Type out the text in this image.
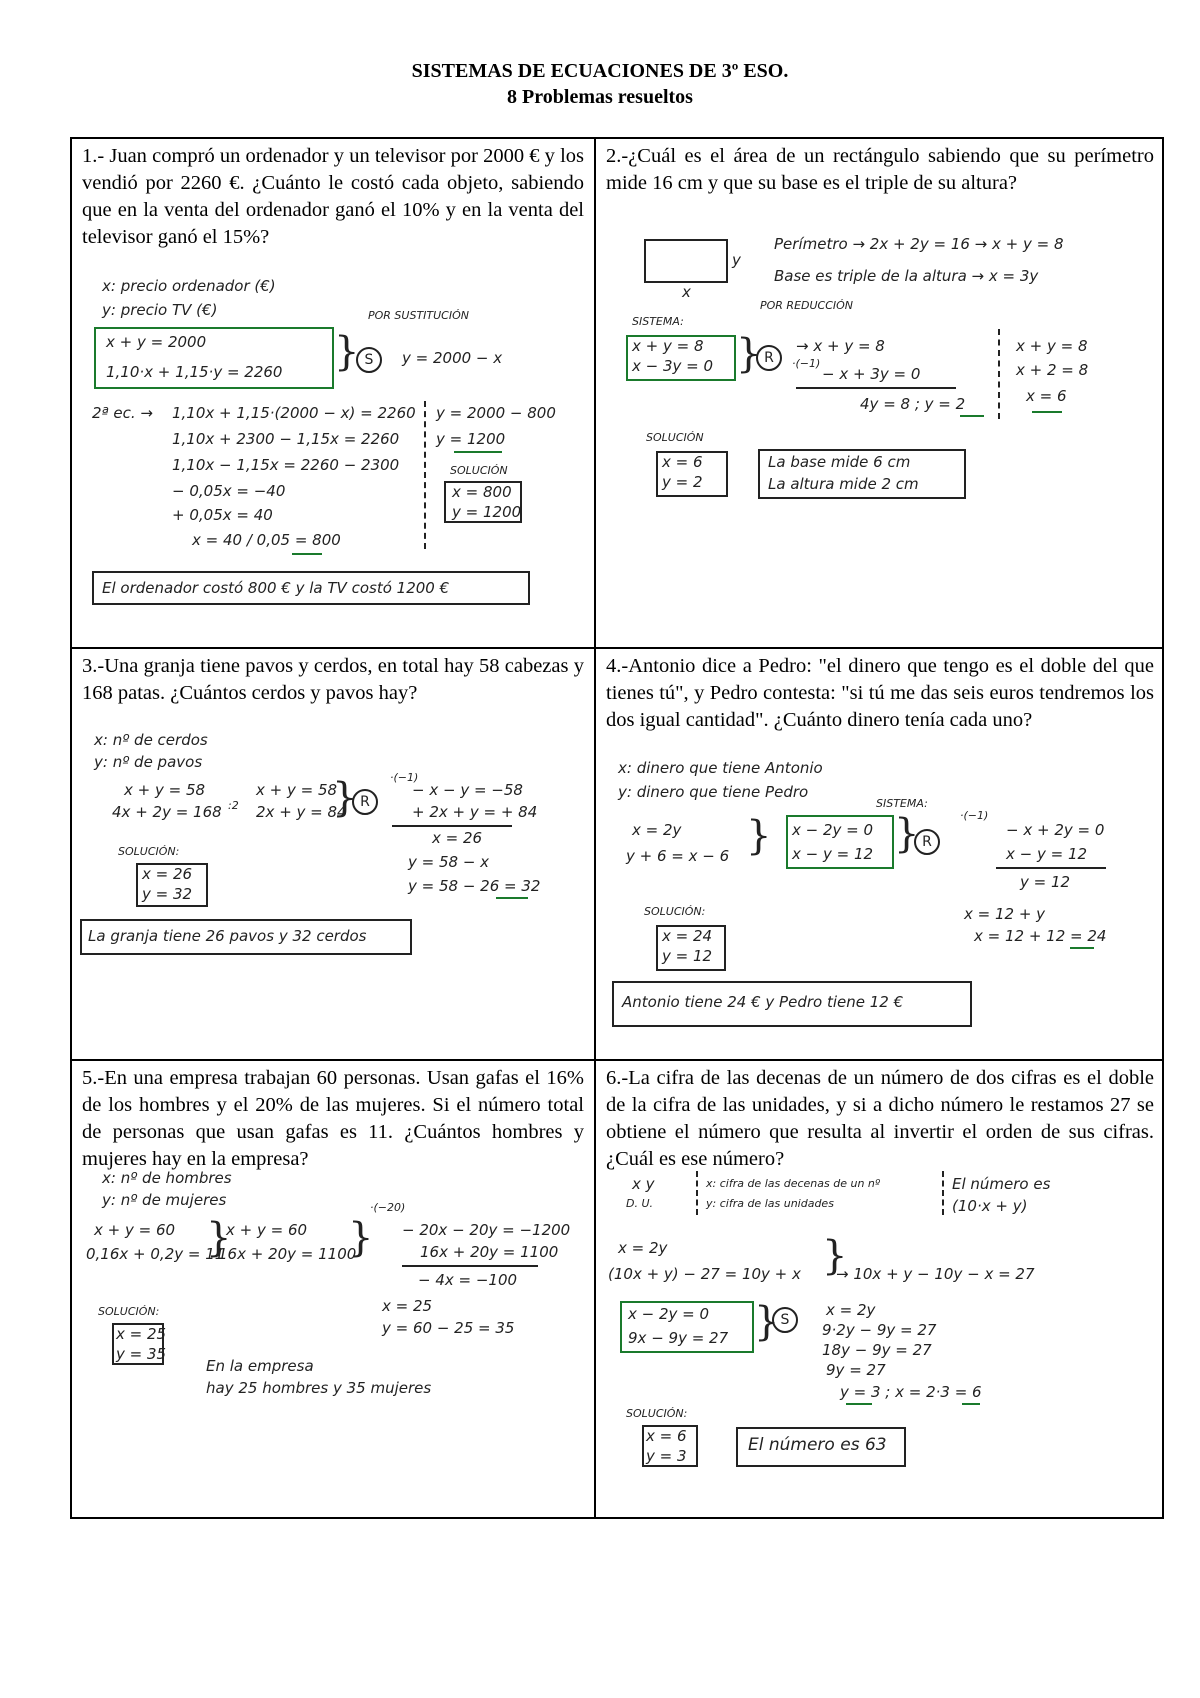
SISTEMAS DE ECUACIONES DE 3º ESO.
8 Problemas resueltos
1.- Juan compró un ordenador y un televisor por 2000 € y los vendió por 2260 €. ¿Cuánto le costó cada objeto, sabiendo que en la venta del ordenador ganó el 10% y en la venta del televisor ganó el 15%?
x: precio ordenador (€)
y: precio TV (€)
x + y = 2000
1,10·x + 1,15·y = 2260 }
POR SUSTITUCIÓN
S	y = 2000 − x
2ª ec. → 1,10x + 1,15·(2000 − x) = 2260
1,10x + 2300 − 1,15x = 2260
1,10x − 1,15x = 2260 − 2300
− 0,05x = −40
+ 0,05x = 40
x = 40 / 0,05 = 800
y = 2000 − 800
y = 1200
SOLUCIÓN
x = 800
y = 1200
El ordenador costó 800 € y la TV costó 1200 €
2.-¿Cuál es el área de un rectángulo sabiendo que su perímetro mide 16 cm y que su base es el triple de su altura?
y
x
Perímetro → 2x + 2y = 16 → x + y = 8
Base es triple de la altura → x = 3y
SISTEMA:
POR REDUCCIÓN
x + y = 8
x − 3y = 0 } R
→ x + y = 8
·(−1)
− x + 3y = 0
4y = 8 ; y = 2
x + y = 8
x + 2 = 8
x = 6
SOLUCIÓN
x = 6
y = 2
La base mide 6 cm
La altura mide 2 cm
3.-Una granja tiene pavos y cerdos, en total hay 58 cabezas y 168 patas. ¿Cuántos cerdos y pavos hay?
x: nº de cerdos
y: nº de pavos
x + y = 58
4x + 2y = 168 :2
x + y = 58
2x + y = 84
} R
·(−1)
− x − y = −58
+ 2x + y = + 84
x = 26
y = 58 − x
y = 58 − 26 = 32
SOLUCIÓN:
x = 26
y = 32
La granja tiene 26 pavos y 32 cerdos
4.-Antonio dice a Pedro: "el dinero que tengo es el doble del que tienes tú", y Pedro contesta: "si tú me das seis euros tendremos los dos igual cantidad". ¿Cuánto dinero tenía cada uno?
x: dinero que tiene Antonio
y: dinero que tiene Pedro
x = 2y
y + 6 = x − 6 }
SISTEMA:
x − 2y = 0
x − y = 12 } R
·(−1)
− x + 2y = 0
x − y = 12
y = 12
SOLUCIÓN:
x = 24
y = 12
x = 12 + y
x = 12 + 12 = 24
Antonio tiene 24 € y Pedro tiene 12 €
5.-En una empresa trabajan 60 personas. Usan gafas el 16% de los hombres y el 20% de las mujeres. Si el número total de personas que usan gafas es 11. ¿Cuántos hombres y mujeres hay en la empresa?
x: nº de hombres
y: nº de mujeres
x + y = 60
0,16x + 0,2y = 11
}
x + y = 60
16x + 20y = 1100
}
·(−20)
− 20x − 20y = −1200
16x + 20y = 1100
− 4x = −100
x = 25
y = 60 − 25 = 35
SOLUCIÓN:
x = 25
y = 35
En la empresa
hay 25 hombres y 35 mujeres
6.-La cifra de las decenas de un número de dos cifras es el doble de la cifra de las unidades, y si a dicho número le restamos 27 se obtiene el número que resulta al invertir el orden de sus cifras. ¿Cuál es ese número?
x y
D. U.
x: cifra de las decenas de un nº
y: cifra de las unidades
El número es
(10·x + y)
x = 2y
(10x + y) − 27 = 10y + x }
→ 10x + y − 10y − x = 27
x − 2y = 0
9x − 9y = 27 } S
x = 2y
9·2y − 9y = 27
18y − 9y = 27
9y = 27
y = 3 ; x = 2·3 = 6
SOLUCIÓN:
x = 6
y = 3
El número es 63
